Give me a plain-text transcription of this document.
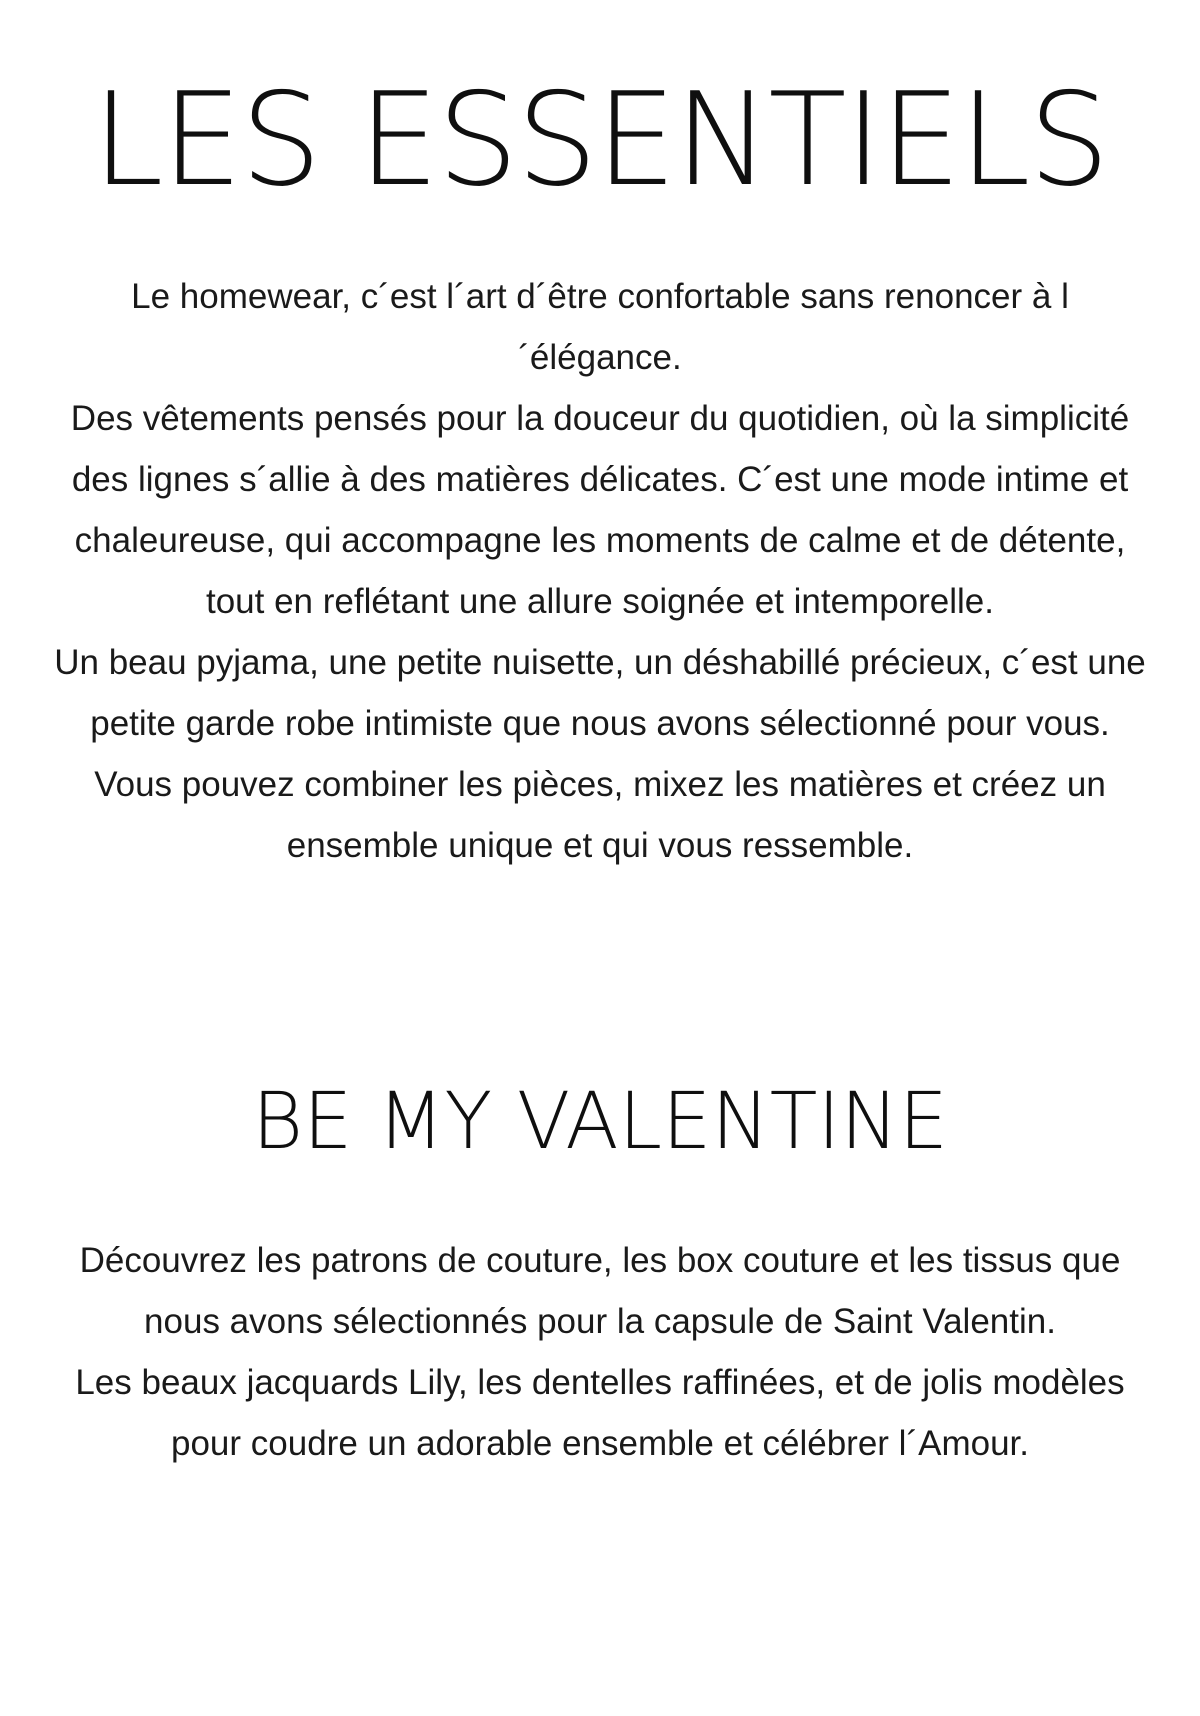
LES ESSENTIELS

Le homewear, c´est l´art d´être confortable sans renoncer à l´élégance.

Des vêtements pensés pour la douceur du quotidien, où la simplicité des lignes s´allie à des matières délicates. C´est une mode intime et chaleureuse, qui accompagne les moments de calme et de détente, tout en reflétant une allure soignée et intemporelle.

Un beau pyjama, une petite nuisette, un déshabillé précieux, c´est une petite garde robe intimiste que nous avons sélectionné pour vous.

Vous pouvez combiner les pièces, mixez les matières et créez un ensemble unique et qui vous ressemble.

BE MY VALENTINE

Découvrez les patrons de couture, les box couture et les tissus que nous avons sélectionnés pour la capsule de Saint Valentin.

Les beaux jacquards Lily, les dentelles raffinées, et de jolis modèles pour coudre un adorable ensemble et célébrer l´Amour.
